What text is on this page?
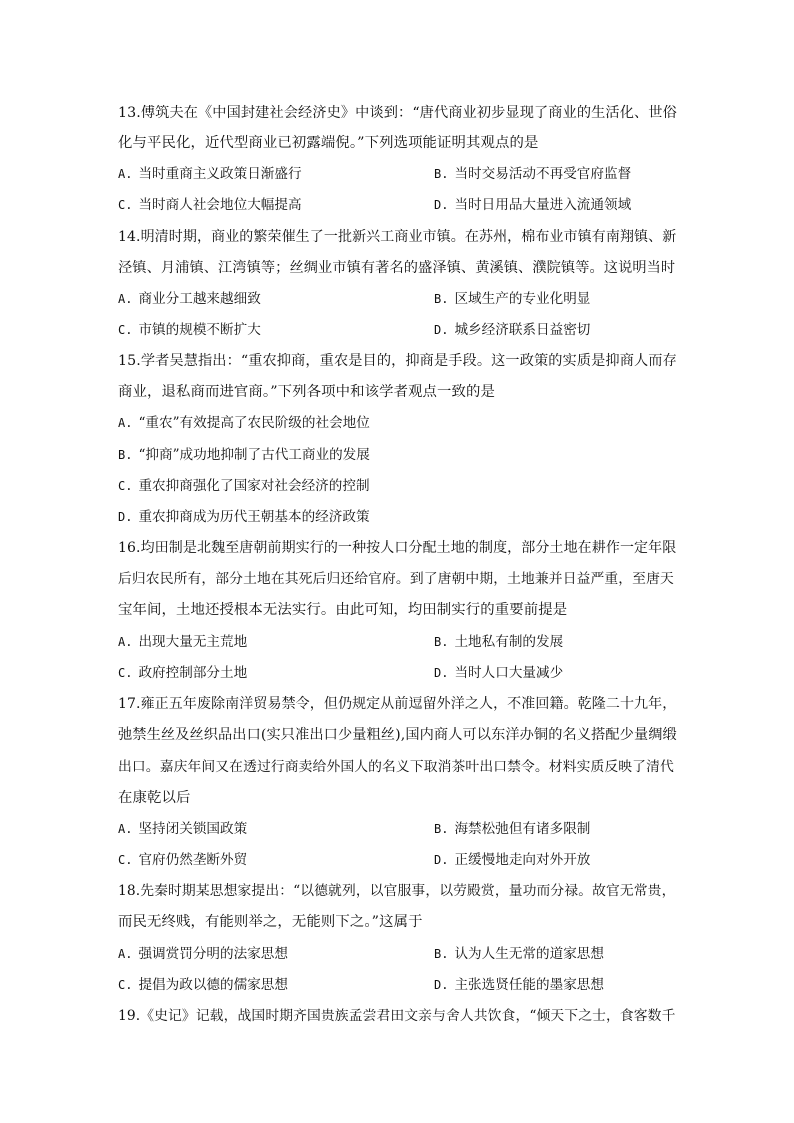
13.傅筑夫在《中国封建社会经济史》中谈到：“唐代商业初步显现了商业的生活化、世俗
化与平民化，近代型商业已初露端倪。”下列选项能证明其观点的是
A. 当时重商主义政策日渐盛行	B. 当时交易活动不再受官府监督
C. 当时商人社会地位大幅提高	D. 当时日用品大量进入流通领域
14.明清时期，商业的繁荣催生了一批新兴工商业市镇。在苏州，棉布业市镇有南翔镇、新
泾镇、月浦镇、江湾镇等；丝绸业市镇有著名的盛泽镇、黄溪镇、濮院镇等。这说明当时
A. 商业分工越来越细致	B. 区域生产的专业化明显
C. 市镇的规模不断扩大	D. 城乡经济联系日益密切
15.学者吴慧指出：“重农抑商，重农是目的，抑商是手段。这一政策的实质是抑商人而存
商业，退私商而进官商。”下列各项中和该学者观点一致的是
A. “重农”有效提高了农民阶级的社会地位
B. “抑商”成功地抑制了古代工商业的发展
C. 重农抑商强化了国家对社会经济的控制
D. 重农抑商成为历代王朝基本的经济政策
16.均田制是北魏至唐朝前期实行的一种按人口分配土地的制度，部分土地在耕作一定年限
后归农民所有，部分土地在其死后归还给官府。到了唐朝中期，土地兼并日益严重，至唐天
宝年间，土地还授根本无法实行。由此可知，均田制实行的重要前提是
A. 出现大量无主荒地	B. 土地私有制的发展
C. 政府控制部分土地	D. 当时人口大量减少
17.雍正五年废除南洋贸易禁令，但仍规定从前逗留外洋之人，不准回籍。乾隆二十九年，
弛禁生丝及丝织品出口(实只准出口少量粗丝),国内商人可以东洋办铜的名义搭配少量绸缎
出口。嘉庆年间又在透过行商卖给外国人的名义下取消茶叶出口禁令。材料实质反映了清代
在康乾以后
A. 坚持闭关锁国政策	B. 海禁松弛但有诸多限制
C. 官府仍然垄断外贸	D. 正缓慢地走向对外开放
18.先秦时期某思想家提出：“以德就列，以官服事，以劳殿赏，量功而分禄。故官无常贵，
而民无终贱，有能则举之，无能则下之。”这属于
A. 强调赏罚分明的法家思想	B. 认为人生无常的道家思想
C. 提倡为政以德的儒家思想	D. 主张选贤任能的墨家思想
19.《史记》记载，战国时期齐国贵族孟尝君田文亲与舍人共饮食，“倾天下之士，食客数千
